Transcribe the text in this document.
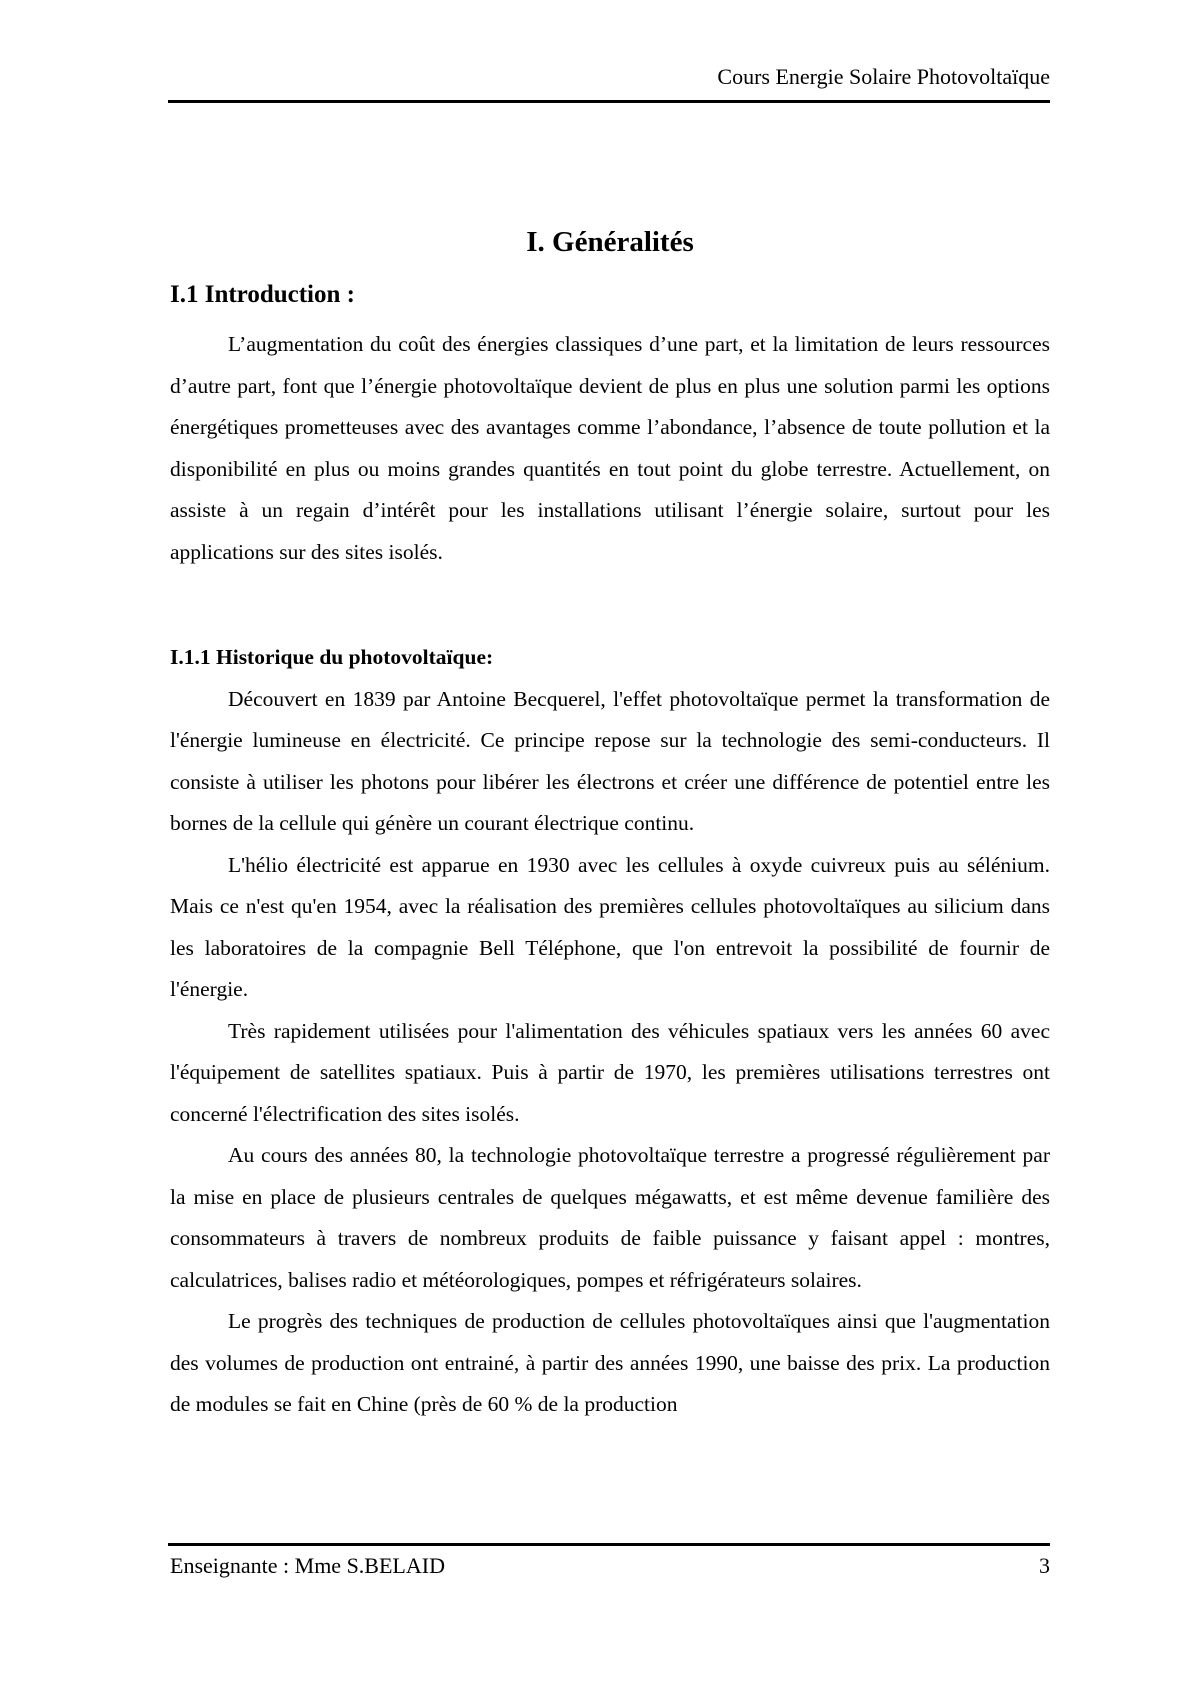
Cours Energie Solaire Photovoltaïque
I. Généralités
I.1 Introduction :

L’augmentation du coût des énergies classiques d’une part, et la limitation de leurs ressources d’autre part, font que l’énergie photovoltaïque devient de plus en plus une solution parmi les options énergétiques prometteuses avec des avantages comme l’abondance, l’absence de toute pollution et la disponibilité en plus ou moins grandes quantités en tout point du globe terrestre. Actuellement, on assiste à un regain d’intérêt pour les installations utilisant l’énergie solaire, surtout pour les applications sur des sites isolés.

I.1.1 Historique du photovoltaïque:

Découvert en 1839 par Antoine Becquerel, l'effet photovoltaïque permet la transformation de l'énergie lumineuse en électricité. Ce principe repose sur la technologie des semi-conducteurs. Il consiste à utiliser les photons pour libérer les électrons et créer une différence de potentiel entre les bornes de la cellule qui génère un courant électrique continu.

L'hélio électricité est apparue en 1930 avec les cellules à oxyde cuivreux puis au sélénium. Mais ce n'est qu'en 1954, avec la réalisation des premières cellules photovoltaïques au silicium dans les laboratoires de la compagnie Bell Téléphone, que l'on entrevoit la possibilité de fournir de l'énergie.

Très rapidement utilisées pour l'alimentation des véhicules spatiaux vers les années 60 avec l'équipement de satellites spatiaux. Puis à partir de 1970, les premières utilisations terrestres ont concerné l'électrification des sites isolés.

Au cours des années 80, la technologie photovoltaïque terrestre a progressé régulièrement par la mise en place de plusieurs centrales de quelques mégawatts, et est même devenue familière des consommateurs à travers de nombreux produits de faible puissance y faisant appel : montres, calculatrices, balises radio et météorologiques, pompes et réfrigérateurs solaires.

Le progrès des techniques de production de cellules photovoltaïques ainsi que l'augmentation des volumes de production ont entrainé, à partir des années 1990, une baisse des prix. La production de modules se fait en Chine (près de 60 % de la production

Enseignante : Mme S.BELAID	3
